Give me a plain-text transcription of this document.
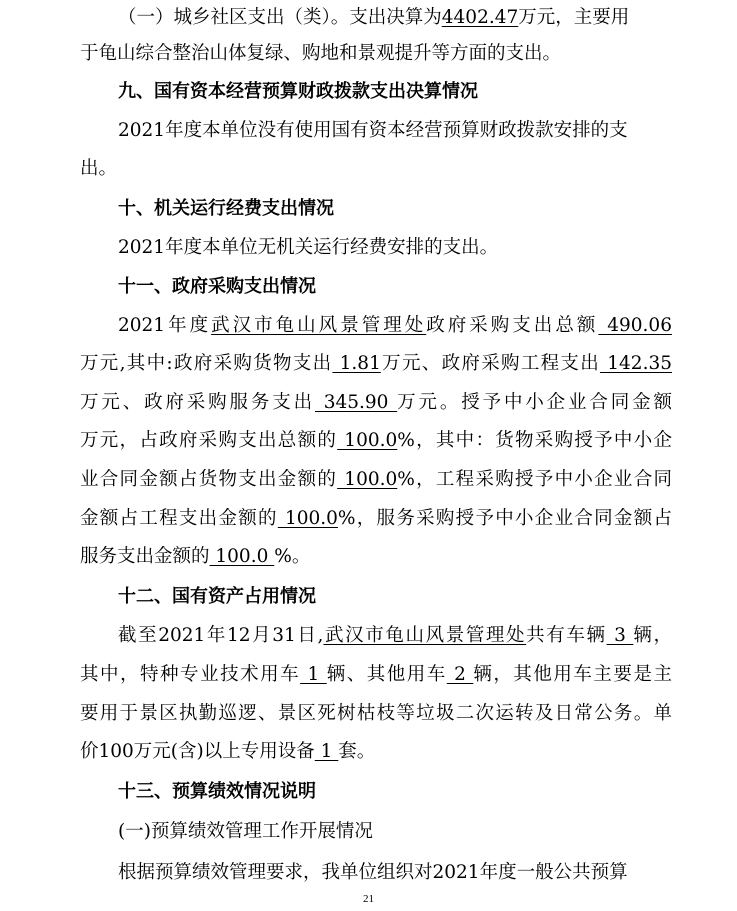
（一）城乡社区支出（类）。支出决算为4402.47万元，主要用
于龟山综合整治山体复绿、购地和景观提升等方面的支出。
九、国有资本经营预算财政拨款支出决算情况
2021年度本单位没有使用国有资本经营预算财政拨款安排的支
出。
十、机关运行经费支出情况
2021年度本单位无机关运行经费安排的支出。
十一、政府采购支出情况
2021年度武汉市龟山风景管理处政府采购支出总额 490.06
万元,其中:政府采购货物支出 1.81万元、政府采购工程支出 142.35
万元、政府采购服务支出 345.90 万元。授予中小企业合同金额
万元，占政府采购支出总额的 100.0%，其中：货物采购授予中小企
业合同金额占货物支出金额的 100.0%，工程采购授予中小企业合同
金额占工程支出金额的 100.0%，服务采购授予中小企业合同金额占
服务支出金额的 100.0 %。
十二、国有资产占用情况
截至2021年12月31日,武汉市龟山风景管理处共有车辆 3 辆，
其中，特种专业技术用车 1 辆、其他用车 2 辆，其他用车主要是主
要用于景区执勤巡逻、景区死树枯枝等垃圾二次运转及日常公务。单
价100万元(含)以上专用设备 1 套。
十三、预算绩效情况说明
(一)预算绩效管理工作开展情况
根据预算绩效管理要求，我单位组织对2021年度一般公共预算
21
